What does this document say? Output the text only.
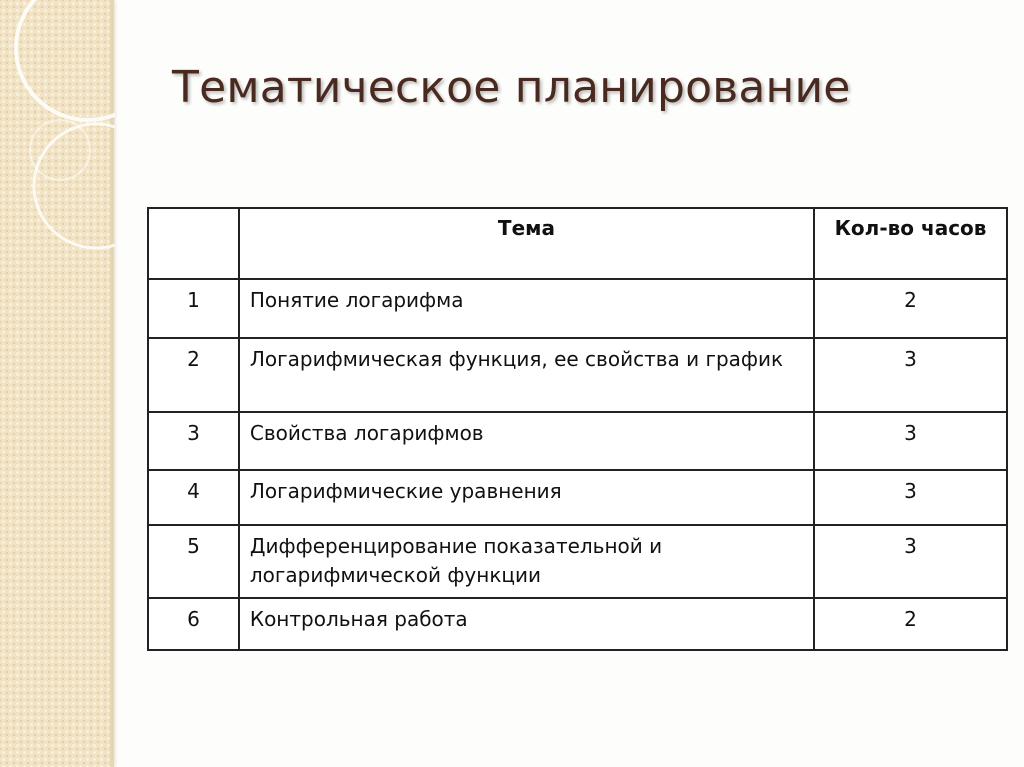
Тематическое планирование
	Тема	Кол-во часов
1	Понятие логарифма	2
2	Логарифмическая функция, ее свойства и график	3
3	Свойства логарифмов	3
4	Логарифмические уравнения	3
5	Дифференцирование показательной и логарифмической функции	3
6	Контрольная работа	2
